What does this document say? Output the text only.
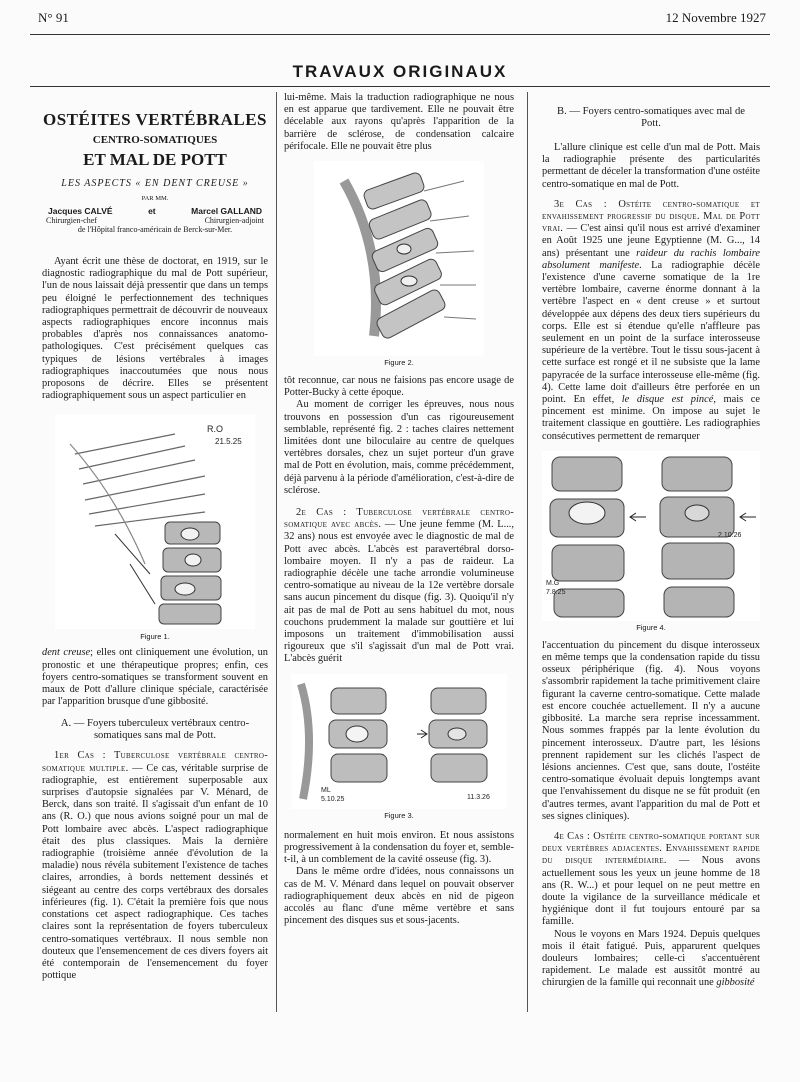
N° 91	12 Novembre 1927
TRAVAUX ORIGINAUX
OSTÉITES VERTÉBRALES
CENTRO-SOMATIQUES
ET MAL DE POTT
LES ASPECTS « EN DENT CREUSE »
PAR MM.
Jacques CALVÉ	et	Marcel GALLAND
Chirurgien-chef	Chirurgien-adjoint
de l'Hôpital franco-américain de Berck-sur-Mer.

Ayant écrit une thèse de doctorat, en 1919, sur le diagnostic radiographique du mal de Pott supérieur, l'un de nous laissait déjà pressentir que dans un temps peu éloigné le perfectionnement des techniques radiographiques permettrait de découvrir de nouveaux aspects radiographiques encore inconnus mais probables d'après nos connaissances anatomo-pathologiques. C'est précisément quelques cas typiques de lésions vertébrales à images radiographiques inaccoutumées que nous nous proposons de décrire. Elles se présentent radiographiquement sous un aspect particulier en

R.O
21.5.25
Figure 1.

dent creuse; elles ont cliniquement une évolution, un pronostic et une thérapeutique propres; enfin, ces foyers centro-somatiques se transforment souvent en maux de Pott d'allure clinique spéciale, caractérisée par l'apparition brusque d'une gibbosité.

A. — Foyers tuberculeux vertébraux centro-somatiques sans mal de Pott.

1er Cas : Tuberculose vertébrale centro-somatique multiple. — Ce cas, véritable surprise de radiographie, est entièrement superposable aux surprises d'autopsie signalées par V. Ménard, de Berck, dans son traité. Il s'agissait d'un enfant de 10 ans (R. O.) que nous avions soigné pour un mal de Pott lombaire avec abcès. L'aspect radiographique était des plus classiques. Mais la dernière radiographie (troisième année d'évolution de la maladie) nous révéla subitement l'existence de taches claires, arrondies, à bords nettement dessinés et siégeant au centre des corps vertébraux des dorsales inférieures (fig. 1). C'était la première fois que nous constations cet aspect radiographique. Ces taches claires sont la représentation de foyers tuberculeux centro-somatiques vertébraux. Il nous semble non douteux que l'ensemencement de ces divers foyers ait été contemporain de l'ensemencement du foyer pottique

lui-même. Mais la traduction radiographique ne nous en est apparue que tardivement. Elle ne pouvait être décelable aux rayons qu'après l'apparition de la barrière de sclérose, de condensation calcaire périfocale. Elle ne pouvait être plus

Figure 2.

tôt reconnue, car nous ne faisions pas encore usage de Potter-Bucky à cette époque.

Au moment de corriger les épreuves, nous nous trouvons en possession d'un cas rigoureusement semblable, représenté fig. 2 : taches claires nettement limitées dont une biloculaire au centre de quelques vertèbres dorsales, chez un sujet porteur d'un grave mal de Pott en évolution, mais, comme précédemment, déjà parvenu à la période d'amélioration, c'est-à-dire de sclérose.

2e Cas : Tuberculose vertébrale centro-somatique avec abcès. — Une jeune femme (M. L..., 32 ans) nous est envoyée avec le diagnostic de mal de Pott avec abcès. L'abcès est paravertébral dorso-lombaire moyen. Il n'y a pas de raideur. La radiographie décèle une tache arrondie volumineuse centro-somatique au niveau de la 12e vertèbre dorsale sans aucun pincement du disque (fig. 3). Quoiqu'il n'y ait pas de mal de Pott au sens habituel du mot, nous couchons prudemment la malade sur gouttière et lui imposons un traitement d'immobilisation aussi rigoureux que s'il s'agissait d'un mal de Pott vrai. L'abcès guérit

ML
5.10.25	11.3.26
Figure 3.

normalement en huit mois environ. Et nous assistons progressivement à la condensation du foyer et, semble-t-il, à un comblement de la cavité osseuse (fig. 3).

Dans le même ordre d'idées, nous connaissons un cas de M. V. Ménard dans lequel on pouvait observer radiographiquement deux abcès en nid de pigeon accolés au flanc d'une même vertèbre et sans pincement des disques sus et sous-jacents.

B. — Foyers centro-somatiques avec mal de Pott.

L'allure clinique est celle d'un mal de Pott. Mais la radiographie présente des particularités permettant de déceler la transformation d'une ostéite centro-somatique en mal de Pott.

3e Cas : Ostéite centro-somatique et envahissement progressif du disque. Mal de Pott vrai. — C'est ainsi qu'il nous est arrivé d'examiner en Août 1925 une jeune Egyptienne (M. G..., 14 ans) présentant une raideur du rachis lombaire absolument manifeste. La radiographie décèle l'existence d'une caverne somatique de la 1re vertèbre lombaire, caverne énorme donnant à la vertèbre l'aspect en « dent creuse » et surtout développée aux dépens des deux tiers supérieurs du corps. Elle est si étendue qu'elle n'affleure pas seulement en un point de la surface interosseuse supérieure de la vertèbre. Tout le tissu sous-jacent à cette surface est rongé et il ne subsiste que la lame papyracée de la surface interosseuse elle-même (fig. 4). Cette lame doit d'ailleurs être perforée en un point. En effet, le disque est pincé, mais ce pincement est minime. On impose au sujet le traitement classique en gouttière. Les radiographies consécutives permettent de remarquer

M.G
7.8.25
2.10.26
Figure 4.

l'accentuation du pincement du disque interosseux en même temps que la condensation rapide du tissu osseux périphérique (fig. 4). Nous voyons s'assombrir rapidement la tache primitivement claire figurant la caverne centro-somatique. Cette malade est encore couchée actuellement. Il n'y a aucune gibbosité. La marche sera reprise incessamment. Nous sommes frappés par la lente évolution du pincement interosseux. D'autre part, les lésions prennent rapidement sur les clichés l'aspect de lésions anciennes. C'est que, sans doute, l'ostéite centro-somatique évoluait depuis longtemps avant que l'envahissement du disque ne se fût produit (en d'autres termes, avant l'apparition du mal de Pott et ses signes cliniques).

4e Cas : Ostéite centro-somatique portant sur deux vertèbres adjacentes. Envahissement rapide du disque intermédiaire. — Nous avons actuellement sous les yeux un jeune homme de 18 ans (R. W...) et pour lequel on ne peut mettre en doute la vigilance de la surveillance médicale et hygiénique dont il fut toujours entouré par sa famille.

Nous le voyons en Mars 1924. Depuis quelques mois il était fatigué. Puis, apparurent quelques douleurs lombaires; celle-ci s'accentuèrent rapidement. Le malade est aussitôt montré au chirurgien de la famille qui reconnait une gibbosité
